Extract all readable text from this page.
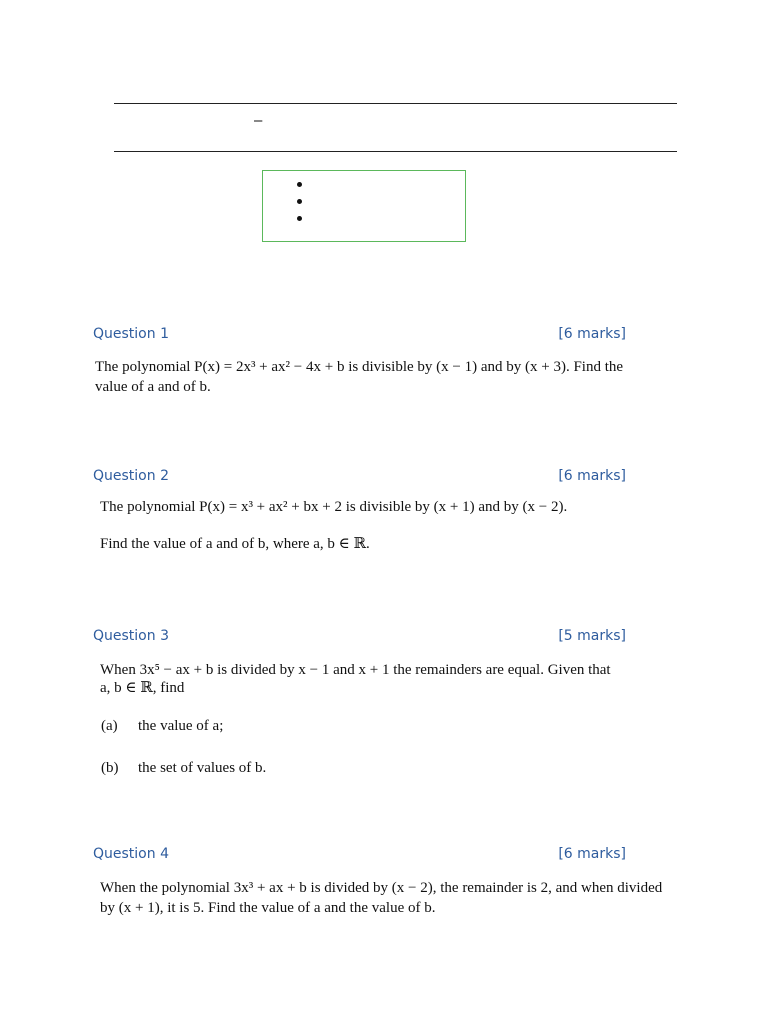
–
Question 1	[6 marks]
The polynomial P(x) = 2x³ + ax² − 4x + b is divisible by (x − 1) and by (x + 3). Find the
value of a and of b.
Question 2	[6 marks]
The polynomial P(x) = x³ + ax² + bx + 2 is divisible by (x + 1) and by (x − 2).
Find the value of a and of b, where a, b ∈ ℝ.
Question 3	[5 marks]
When 3x⁵ − ax + b is divided by x − 1 and x + 1 the remainders are equal. Given that
a, b ∈ ℝ, find
(a) the value of a;
(b) the set of values of b.
Question 4	[6 marks]
When the polynomial 3x³ + ax + b is divided by (x − 2), the remainder is 2, and when divided
by (x + 1), it is 5. Find the value of a and the value of b.
